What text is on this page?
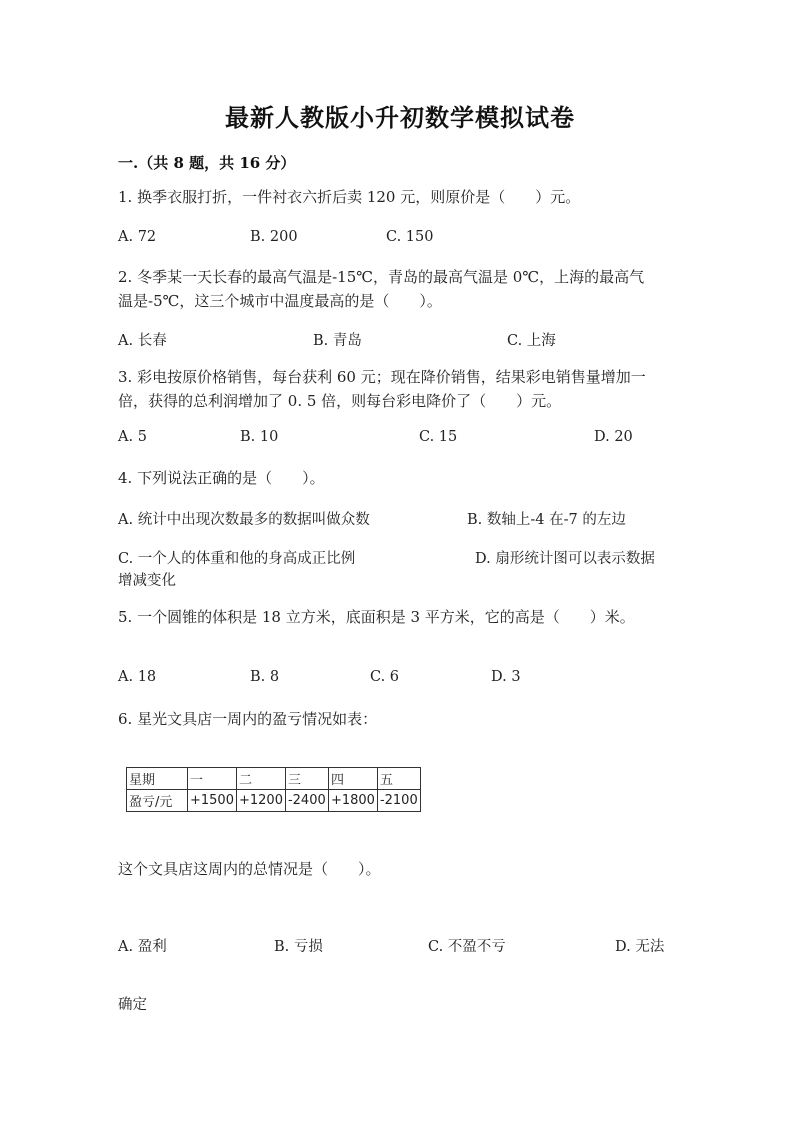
最新人教版小升初数学模拟试卷
一.（共 8 题，共 16 分）
1. 换季衣服打折，一件衬衣六折后卖 120 元，则原价是（　　）元。
A. 72	B. 200	C. 150
2. 冬季某一天长春的最高气温是-15℃，青岛的最高气温是 0℃，上海的最高气
温是-5℃，这三个城市中温度最高的是（　　）。
A. 长春	B. 青岛	C. 上海
3. 彩电按原价格销售，每台获利 60 元；现在降价销售，结果彩电销售量增加一
倍，获得的总利润增加了 0. 5 倍，则每台彩电降价了（　　）元。
A. 5	B. 10	C. 15	D. 20
4. 下列说法正确的是（　　）。
A. 统计中出现次数最多的数据叫做众数	B. 数轴上-4 在-7 的左边
C. 一个人的体重和他的身高成正比例	D. 扇形统计图可以表示数据
增减变化
5. 一个圆锥的体积是 18 立方米，底面积是 3 平方米，它的高是（　　）米。
A. 18	B. 8	C. 6	D. 3
6. 星光文具店一周内的盈亏情况如表：
星期	一	二	三	四	五
盈亏/元	+1500	+1200	-2400	+1800	-2100
这个文具店这周内的总情况是（　　）。
A. 盈利	B. 亏损	C. 不盈不亏	D. 无法
确定
